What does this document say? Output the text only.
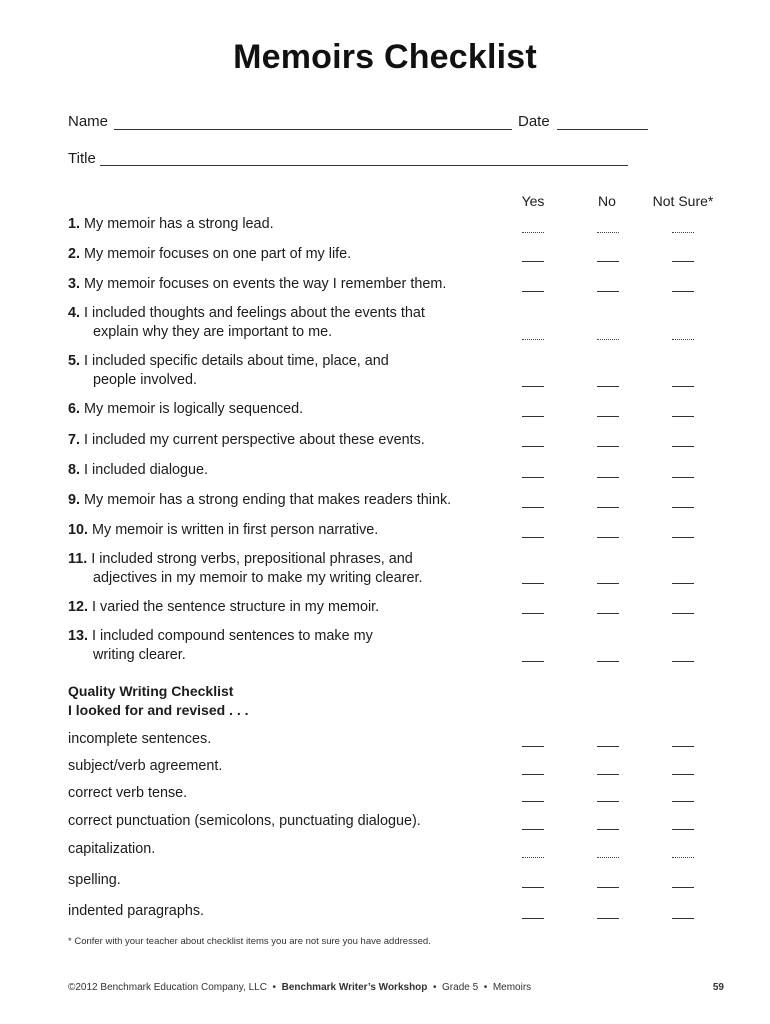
Memoirs Checklist
Name	Date
Title
Yes	No	Not Sure*
1. My memoir has a strong lead.
2. My memoir focuses on one part of my life.
3. My memoir focuses on events the way I remember them.
4. I included thoughts and feelings about the events that
explain why they are important to me.
5. I included specific details about time, place, and
people involved.
6. My memoir is logically sequenced.
7. I included my current perspective about these events.
8. I included dialogue.
9. My memoir has a strong ending that makes readers think.
10. My memoir is written in first person narrative.
11. I included strong verbs, prepositional phrases, and
adjectives in my memoir to make my writing clearer.
12. I varied the sentence structure in my memoir.
13. I included compound sentences to make my
writing clearer.
Quality Writing Checklist
I looked for and revised . . .
incomplete sentences.
subject/verb agreement.
correct verb tense.
correct punctuation (semicolons, punctuating dialogue).
capitalization.
spelling.
indented paragraphs.
* Confer with your teacher about checklist items you are not sure you have addressed.
©2012 Benchmark Education Company, LLC • Benchmark Writer’s Workshop • Grade 5 • Memoirs	59
